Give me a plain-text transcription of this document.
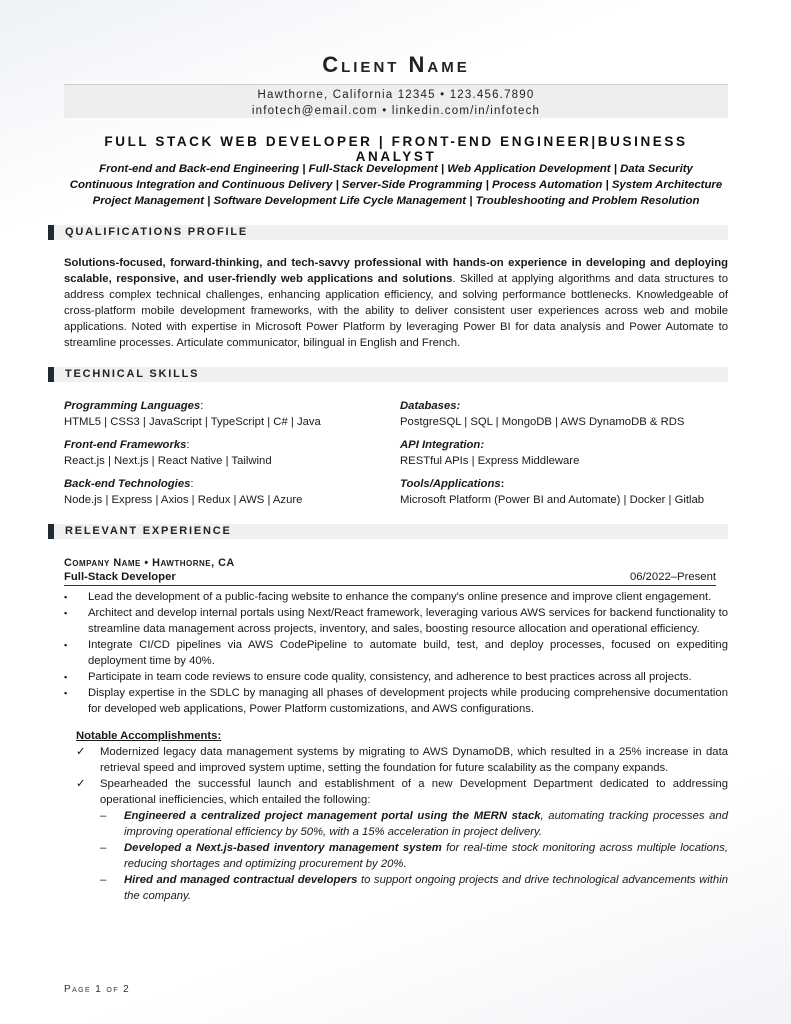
Client Name
Hawthorne, California 12345 • 123.456.7890
infotech@email.com • linkedin.com/in/infotech
FULL STACK WEB DEVELOPER | FRONT-END ENGINEER|BUSINESS ANALYST
Front-end and Back-end Engineering | Full-Stack Development | Web Application Development | Data Security
Continuous Integration and Continuous Delivery | Server-Side Programming | Process Automation | System Architecture
Project Management | Software Development Life Cycle Management | Troubleshooting and Problem Resolution
QUALIFICATIONS PROFILE
Solutions-focused, forward-thinking, and tech-savvy professional with hands-on experience in developing and deploying scalable, responsive, and user-friendly web applications and solutions. Skilled at applying algorithms and data structures to address complex technical challenges, enhancing application efficiency, and solving performance bottlenecks. Knowledgeable of cross-platform mobile development frameworks, with the ability to deliver consistent user experiences across web and mobile applications. Noted with expertise in Microsoft Power Platform by leveraging Power BI for data analysis and Power Automate to streamline processes. Articulate communicator, bilingual in English and French.
TECHNICAL SKILLS
Programming Languages:
HTML5 | CSS3 | JavaScript | TypeScript | C# | Java
Front-end Frameworks:
React.js | Next.js | React Native | Tailwind
Back-end Technologies:
Node.js | Express | Axios | Redux | AWS | Azure
Databases:
PostgreSQL | SQL | MongoDB | AWS DynamoDB & RDS
API Integration:
RESTful APIs | Express Middleware
Tools/Applications:
Microsoft Platform (Power BI and Automate) | Docker | Gitlab
RELEVANT EXPERIENCE
Company Name • Hawthorne, CA
Full-Stack Developer	06/2022–Present
▪ Lead the development of a public-facing website to enhance the company's online presence and improve client engagement.
▪ Architect and develop internal portals using Next/React framework, leveraging various AWS services for backend functionality to streamline data management across projects, inventory, and sales, boosting resource allocation and operational efficiency.
▪ Integrate CI/CD pipelines via AWS CodePipeline to automate build, test, and deploy processes, focused on expediting deployment time by 40%.
▪ Participate in team code reviews to ensure code quality, consistency, and adherence to best practices across all projects.
▪ Display expertise in the SDLC by managing all phases of development projects while producing comprehensive documentation for developed web applications, Power Platform customizations, and AWS configurations.
Notable Accomplishments:
✓ Modernized legacy data management systems by migrating to AWS DynamoDB, which resulted in a 25% increase in data retrieval speed and improved system uptime, setting the foundation for future scalability as the company expands.
✓ Spearheaded the successful launch and establishment of a new Development Department dedicated to addressing operational inefficiencies, which entailed the following:
– Engineered a centralized project management portal using the MERN stack, automating tracking processes and improving operational efficiency by 50%, with a 15% acceleration in project delivery.
– Developed a Next.js-based inventory management system for real-time stock monitoring across multiple locations, reducing shortages and optimizing procurement by 20%.
– Hired and managed contractual developers to support ongoing projects and drive technological advancements within the company.
Page 1 of 2
